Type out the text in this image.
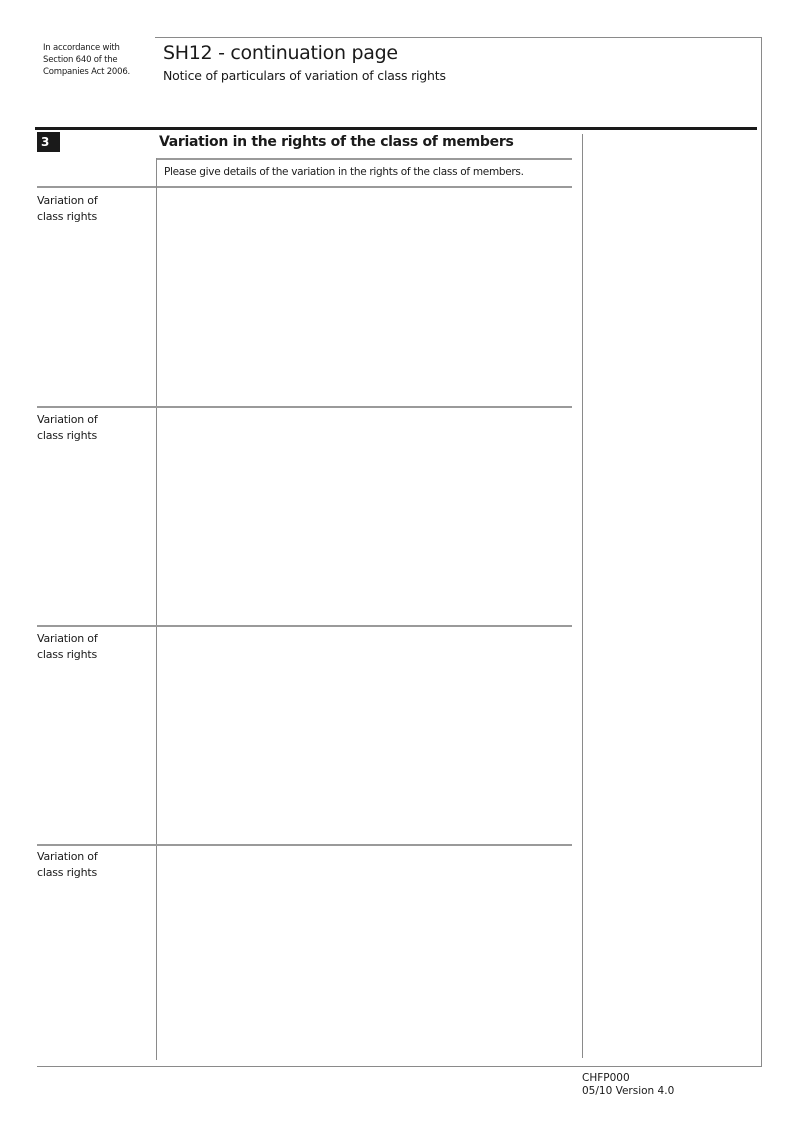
In accordance with
Section 640 of the
Companies Act 2006.
SH12 - continuation page
Notice of particulars of variation of class rights
3	Variation in the rights of the class of members
Please give details of the variation in the rights of the class of members.
Variation of
class rights
Variation of
class rights
Variation of
class rights
Variation of
class rights
CHFP000
05/10 Version 4.0
